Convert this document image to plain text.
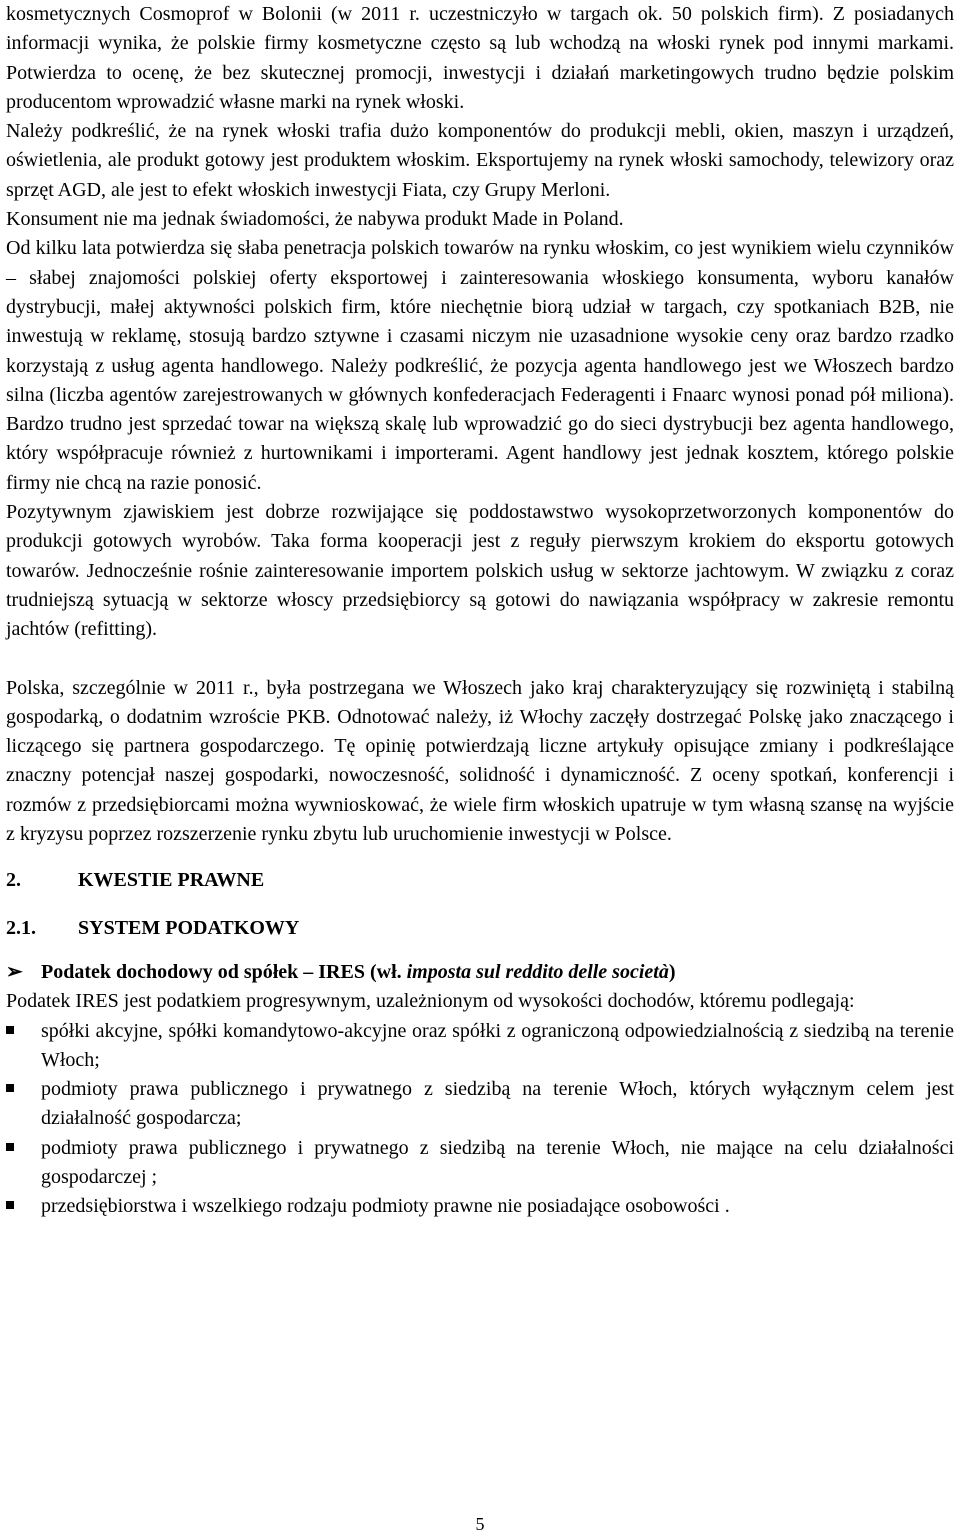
kosmetycznych Cosmoprof w Bolonii (w 2011 r. uczestniczyło w targach ok. 50 polskich firm). Z posiadanych informacji wynika, że polskie firmy kosmetyczne często są lub wchodzą na włoski rynek pod innymi markami. Potwierdza to ocenę, że bez skutecznej promocji, inwestycji i działań marketingowych trudno będzie polskim producentom wprowadzić własne marki na rynek włoski.

Należy podkreślić, że na rynek włoski trafia dużo komponentów do produkcji mebli, okien, maszyn i urządzeń, oświetlenia, ale produkt gotowy jest produktem włoskim. Eksportujemy na rynek włoski samochody, telewizory oraz sprzęt AGD, ale jest to efekt włoskich inwestycji Fiata, czy Grupy Merloni.

Konsument nie ma jednak świadomości, że nabywa produkt Made in Poland.

Od kilku lata potwierdza się słaba penetracja polskich towarów na rynku włoskim, co jest wynikiem wielu czynników – słabej znajomości polskiej oferty eksportowej i zainteresowania włoskiego konsumenta, wyboru kanałów dystrybucji, małej aktywności polskich firm, które niechętnie biorą udział w targach, czy spotkaniach B2B, nie inwestują w reklamę, stosują bardzo sztywne i czasami niczym nie uzasadnione wysokie ceny oraz bardzo rzadko korzystają z usług agenta handlowego. Należy podkreślić, że pozycja agenta handlowego jest we Włoszech bardzo silna (liczba agentów zarejestrowanych w głównych konfederacjach Federagenti i Fnaarc wynosi ponad pół miliona). Bardzo trudno jest sprzedać towar na większą skalę lub wprowadzić go do sieci dystrybucji bez agenta handlowego, który współpracuje również z hurtownikami i importerami. Agent handlowy jest jednak kosztem, którego polskie firmy nie chcą na razie ponosić.

Pozytywnym zjawiskiem jest dobrze rozwijające się poddostawstwo wysokoprzetworzonych komponentów do produkcji gotowych wyrobów. Taka forma kooperacji jest z reguły pierwszym krokiem do eksportu gotowych towarów. Jednocześnie rośnie zainteresowanie importem polskich usług w sektorze jachtowym. W związku z coraz trudniejszą sytuacją w sektorze włoscy przedsiębiorcy są gotowi do nawiązania współpracy w zakresie remontu jachtów (refitting).

Polska, szczególnie w 2011 r., była postrzegana we Włoszech jako kraj charakteryzujący się rozwiniętą i stabilną gospodarką, o dodatnim wzroście PKB. Odnotować należy, iż Włochy zaczęły dostrzegać Polskę jako znaczącego i liczącego się partnera gospodarczego. Tę opinię potwierdzają liczne artykuły opisujące zmiany i podkreślające znaczny potencjał naszej gospodarki, nowoczesność, solidność i dynamiczność. Z oceny spotkań, konferencji i rozmów z przedsiębiorcami można wywnioskować, że wiele firm włoskich upatruje w tym własną szansę na wyjście z kryzysu poprzez rozszerzenie rynku zbytu lub uruchomienie inwestycji w Polsce.

2.	KWESTIE PRAWNE
2.1.	SYSTEM PODATKOWY
➢ Podatek dochodowy od spółek – IRES (wł. imposta sul reddito delle società)

Podatek IRES jest podatkiem progresywnym, uzależnionym od wysokości dochodów, któremu podlegają:

spółki akcyjne, spółki komandytowo-akcyjne oraz spółki z ograniczoną odpowiedzialnością z siedzibą na terenie Włoch;
podmioty prawa publicznego i prywatnego z siedzibą na terenie Włoch, których wyłącznym celem jest działalność gospodarcza;
podmioty prawa publicznego i prywatnego z siedzibą na terenie Włoch, nie mające na celu działalności gospodarczej ;
przedsiębiorstwa i wszelkiego rodzaju podmioty prawne nie posiadające osobowości .
5
